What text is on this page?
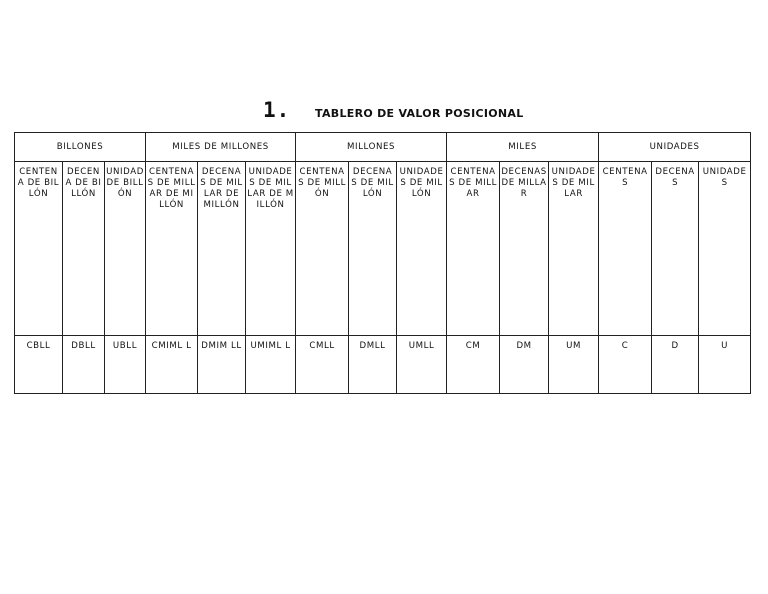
1. TABLERO DE VALOR POSICIONAL
BILLONES			MILES DE MILLONES			MILLONES			MILES			UNIDADES		
CENTENA DE BILLÓN	DECENA DE BILLÓN	UNIDAD DE BILLÓN	CENTENAS DE MILLAR DE MILLÓN	DECENAS DE MILLAR DE MILLÓN	UNIDADES DE MILLAR DE MILLÓN	CENTENAS DE MILLÓN	DECENAS DE MILLÓN	UNIDADES DE MILLÓN	CENTENAS DE MILLAR	DECENAS DE MILLAR	UNIDADES DE MILLAR	CENTENAS	DECENAS	UNIDADES
CBLL	DBLL	UBLL	CMIML L	DMIM LL	UMIML L	CMLL	DMLL	UMLL	CM	DM	UM	C	D	U
